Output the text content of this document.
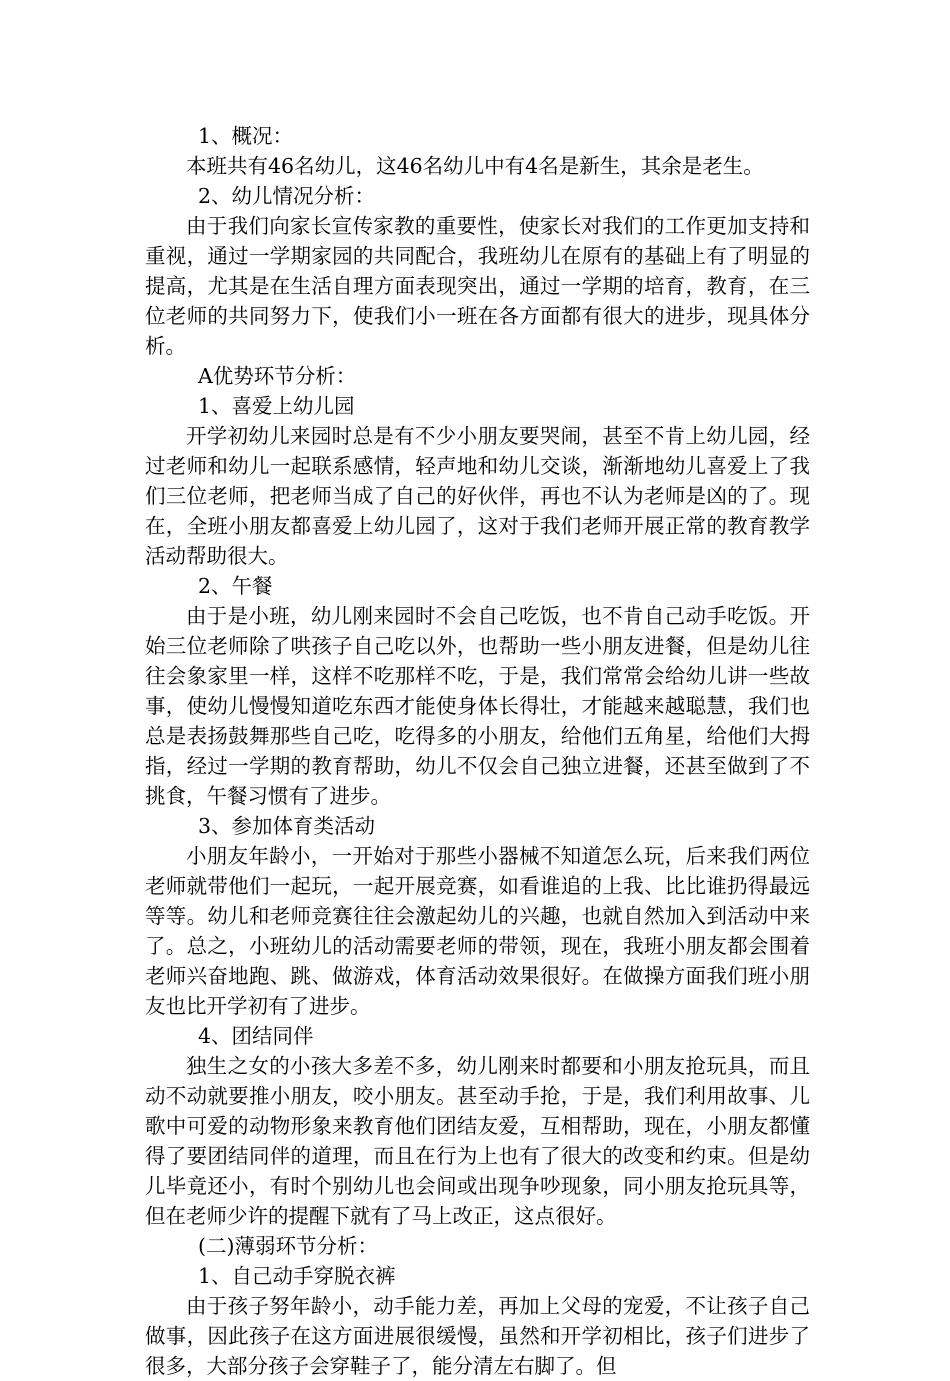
1、概况：

本班共有46名幼儿，这46名幼儿中有4名是新生，其余是老生。

2、幼儿情况分析：

由于我们向家长宣传家教的重要性，使家长对我们的工作更加支持和重视，通过一学期家园的共同配合，我班幼儿在原有的基础上有了明显的提高，尤其是在生活自理方面表现突出，通过一学期的培育，教育，在三位老师的共同努力下，使我们小一班在各方面都有很大的进步，现具体分析。

A优势环节分析：

1、喜爱上幼儿园

开学初幼儿来园时总是有不少小朋友要哭闹，甚至不肯上幼儿园，经过老师和幼儿一起联系感情，轻声地和幼儿交谈，渐渐地幼儿喜爱上了我们三位老师，把老师当成了自己的好伙伴，再也不认为老师是凶的了。现在，全班小朋友都喜爱上幼儿园了，这对于我们老师开展正常的教育教学活动帮助很大。

2、午餐

由于是小班，幼儿刚来园时不会自己吃饭，也不肯自己动手吃饭。开始三位老师除了哄孩子自己吃以外，也帮助一些小朋友进餐，但是幼儿往往会象家里一样，这样不吃那样不吃，于是，我们常常会给幼儿讲一些故事，使幼儿慢慢知道吃东西才能使身体长得壮，才能越来越聪慧，我们也总是表扬鼓舞那些自己吃，吃得多的小朋友，给他们五角星，给他们大拇指，经过一学期的教育帮助，幼儿不仅会自己独立进餐，还甚至做到了不挑食，午餐习惯有了进步。

3、参加体育类活动

小朋友年龄小，一开始对于那些小器械不知道怎么玩，后来我们两位老师就带他们一起玩，一起开展竞赛，如看谁追的上我、比比谁扔得最远等等。幼儿和老师竞赛往往会激起幼儿的兴趣，也就自然加入到活动中来了。总之，小班幼儿的活动需要老师的带领，现在，我班小朋友都会围着老师兴奋地跑、跳、做游戏，体育活动效果很好。在做操方面我们班小朋友也比开学初有了进步。

4、团结同伴

独生之女的小孩大多差不多，幼儿刚来时都要和小朋友抢玩具，而且动不动就要推小朋友，咬小朋友。甚至动手抢，于是，我们利用故事、儿歌中可爱的动物形象来教育他们团结友爱，互相帮助，现在，小朋友都懂得了要团结同伴的道理，而且在行为上也有了很大的改变和约束。但是幼儿毕竟还小，有时个别幼儿也会间或出现争吵现象，同小朋友抢玩具等，但在老师少许的提醒下就有了马上改正，这点很好。

(二)薄弱环节分析：

1、自己动手穿脱衣裤

由于孩子努年龄小，动手能力差，再加上父母的宠爱，不让孩子自己做事，因此孩子在这方面进展很缓慢，虽然和开学初相比，孩子们进步了很多，大部分孩子会穿鞋子了，能分清左右脚了。但
